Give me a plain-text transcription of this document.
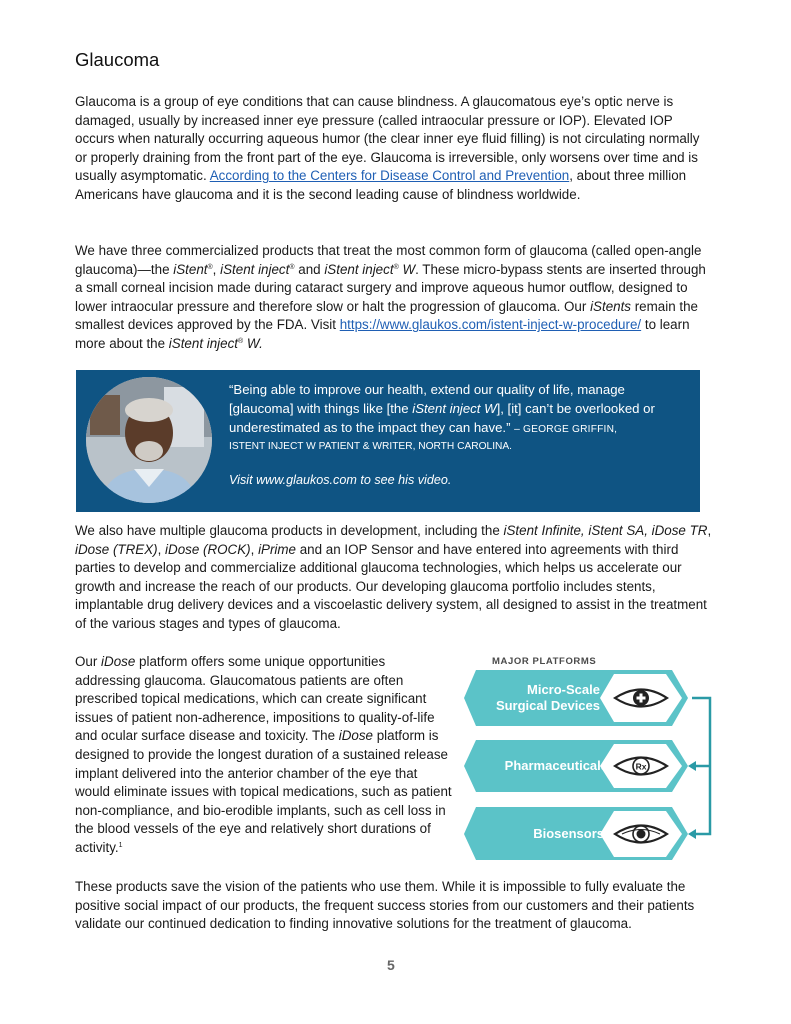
Glaucoma
Glaucoma is a group of eye conditions that can cause blindness. A glaucomatous eye’s optic nerve is damaged, usually by increased inner eye pressure (called intraocular pressure or IOP). Elevated IOP occurs when naturally occurring aqueous humor (the clear inner eye fluid filling) is not circulating normally or properly draining from the front part of the eye. Glaucoma is irreversible, only worsens over time and is usually asymptomatic. According to the Centers for Disease Control and Prevention, about three million Americans have glaucoma and it is the second leading cause of blindness worldwide.
We have three commercialized products that treat the most common form of glaucoma (called open-angle glaucoma)—the iStent®, iStent inject® and iStent inject® W. These micro-bypass stents are inserted through a small corneal incision made during cataract surgery and improve aqueous humor outflow, designed to lower intraocular pressure and therefore slow or halt the progression of glaucoma. Our iStents remain the smallest devices approved by the FDA. Visit https://www.glaukos.com/istent-inject-w-procedure/ to learn more about the iStent inject® W.
“Being able to improve our health, extend our quality of life, manage [glaucoma] with things like [the iStent inject W], [it] can’t be overlooked or underestimated as to the impact they can have.” – GEORGE GRIFFIN,
ISTENT INJECT W PATIENT & WRITER, NORTH CAROLINA.
Visit www.glaukos.com to see his video.
We also have multiple glaucoma products in development, including the iStent Infinite, iStent SA, iDose TR, iDose (TREX), iDose (ROCK), iPrime and an IOP Sensor and have entered into agreements with third parties to develop and commercialize additional glaucoma technologies, which helps us accelerate our growth and increase the reach of our products. Our developing glaucoma portfolio includes stents, implantable drug delivery devices and a viscoelastic delivery system, all designed to assist in the treatment of the various stages and types of glaucoma.
Our iDose platform offers some unique opportunities addressing glaucoma. Glaucomatous patients are often prescribed topical medications, which can create significant issues of patient non-adherence, impositions to quality-of-life and ocular surface disease and toxicity. The iDose platform is designed to provide the longest duration of a sustained release implant delivered into the anterior chamber of the eye that would eliminate issues with topical medications, such as patient non-compliance, and bio-erodible implants, such as cell loss in the blood vessels of the eye and relatively short durations of activity.$^1$
Rx
MAJOR PLATFORMS
Micro-Scale
Surgical Devices
Pharmaceuticals
Biosensors
These products save the vision of the patients who use them. While it is impossible to fully evaluate the positive social impact of our products, the frequent success stories from our customers and their patients validate our continued dedication to finding innovative solutions for the treatment of glaucoma.
5
